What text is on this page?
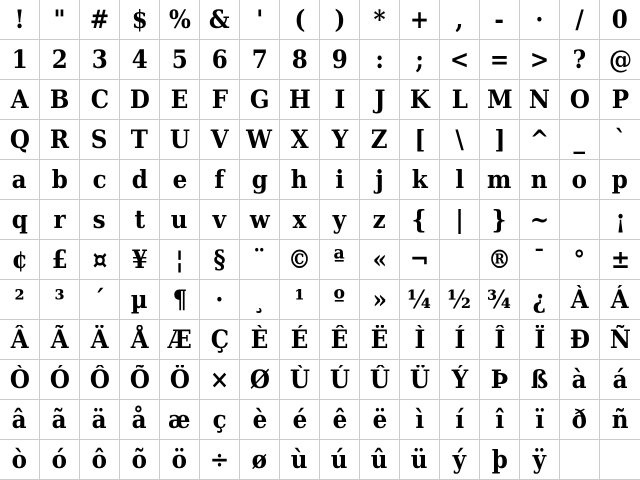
! " # $ % & ' ( ) * + , - · / 0
1 2 3 4 5 6 7 8 9 : ; < = > ? @
A B C D E F G H I J K L M N O P
Q R S T U V W X Y Z [ \ ] ^ _ `
a b c d e f g h i j k l m n o p
q r s t u v w x y z { | } ~	¡
¢ £ ¤ ¥ ¦ § ¨ © ª « ¬ ® ¯ ° ±
² ³ ´ µ ¶ · ¸ ¹ º » ¼ ½ ¾ ¿ À Á
Â Ã Ä Å Æ Ç È É Ê Ë Ì Í Î Ï Ð Ñ
Ò Ó Ô Õ Ö × Ø Ù Ú Û Ü Ý Þ ß à á
â ã ä å æ ç è é ê ë ì í î ï ð ñ
ò ó ô õ ö ÷ ø ù ú û ü ý þ ÿ
